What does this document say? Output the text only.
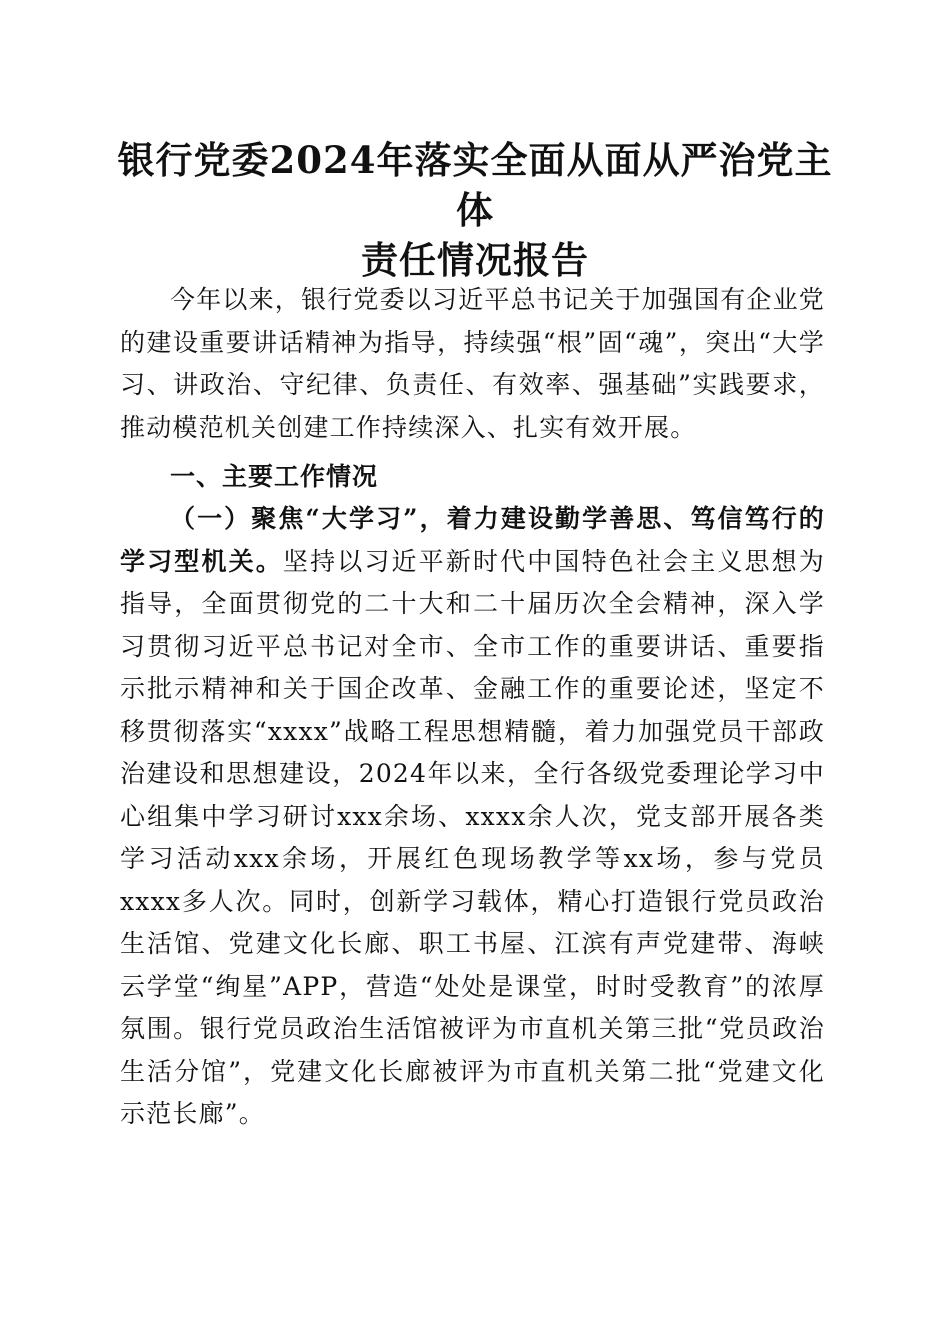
银行党委2024年落实全面从面从严治党主体
责任情况报告

今年以来，银行党委以习近平总书记关于加强国有企业党的建设重要讲话精神为指导，持续强“根”固“魂”，突出“大学习、讲政治、守纪律、负责任、有效率、强基础”实践要求，推动模范机关创建工作持续深入、扎实有效开展。

一、主要工作情况

（一）聚焦“大学习”，着力建设勤学善思、笃信笃行的学习型机关。坚持以习近平新时代中国特色社会主义思想为指导，全面贯彻党的二十大和二十届历次全会精神，深入学习贯彻习近平总书记对全市、全市工作的重要讲话、重要指示批示精神和关于国企改革、金融工作的重要论述，坚定不移贯彻落实“xxxx”战略工程思想精髓，着力加强党员干部政治建设和思想建设，2024年以来，全行各级党委理论学习中心组集中学习研讨xxx余场、xxxx余人次，党支部开展各类学习活动xxx余场，开展红色现场教学等xx场，参与党员xxxx多人次。同时，创新学习载体，精心打造银行党员政治生活馆、党建文化长廊、职工书屋、江滨有声党建带、海峡云学堂“绚星”APP，营造“处处是课堂，时时受教育”的浓厚氛围。银行党员政治生活馆被评为市直机关第三批“党员政治生活分馆”，党建文化长廊被评为市直机关第二批“党建文化示范长廊”。
